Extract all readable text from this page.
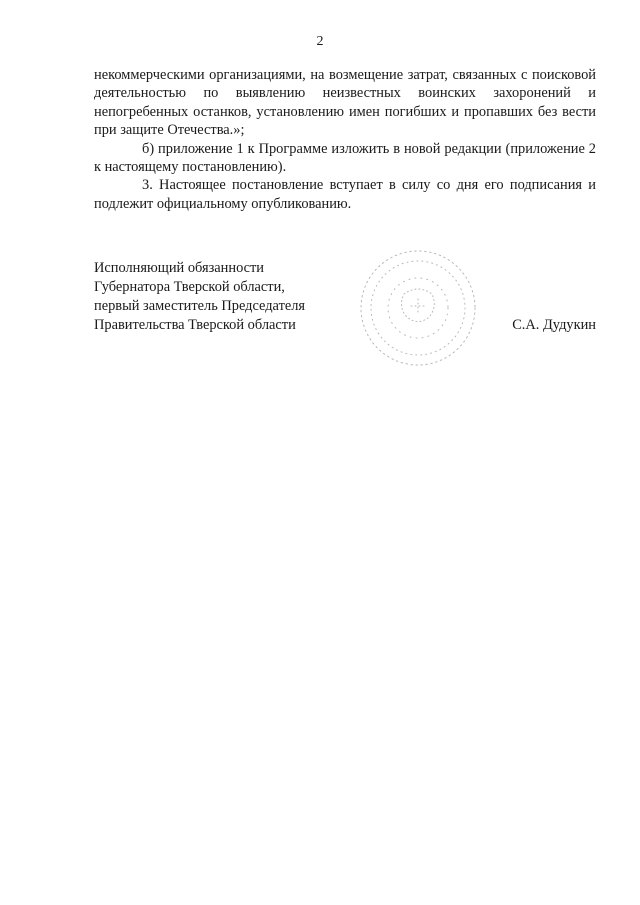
2

некоммерческими организациями, на возмещение затрат, связанных с поисковой деятельностью по выявлению неизвестных воинских захоронений и непогребенных останков, установлению имен погибших и пропавших без вести при защите Отечества.»;

б) приложение 1 к Программе изложить в новой редакции (приложение 2 к настоящему постановлению).

3. Настоящее постановление вступает в силу со дня его подписания и подлежит официальному опубликованию.

Исполняющий обязанности
Губернатора Тверской области,
первый заместитель Председателя
Правительства Тверской области	С.А. Дудукин
